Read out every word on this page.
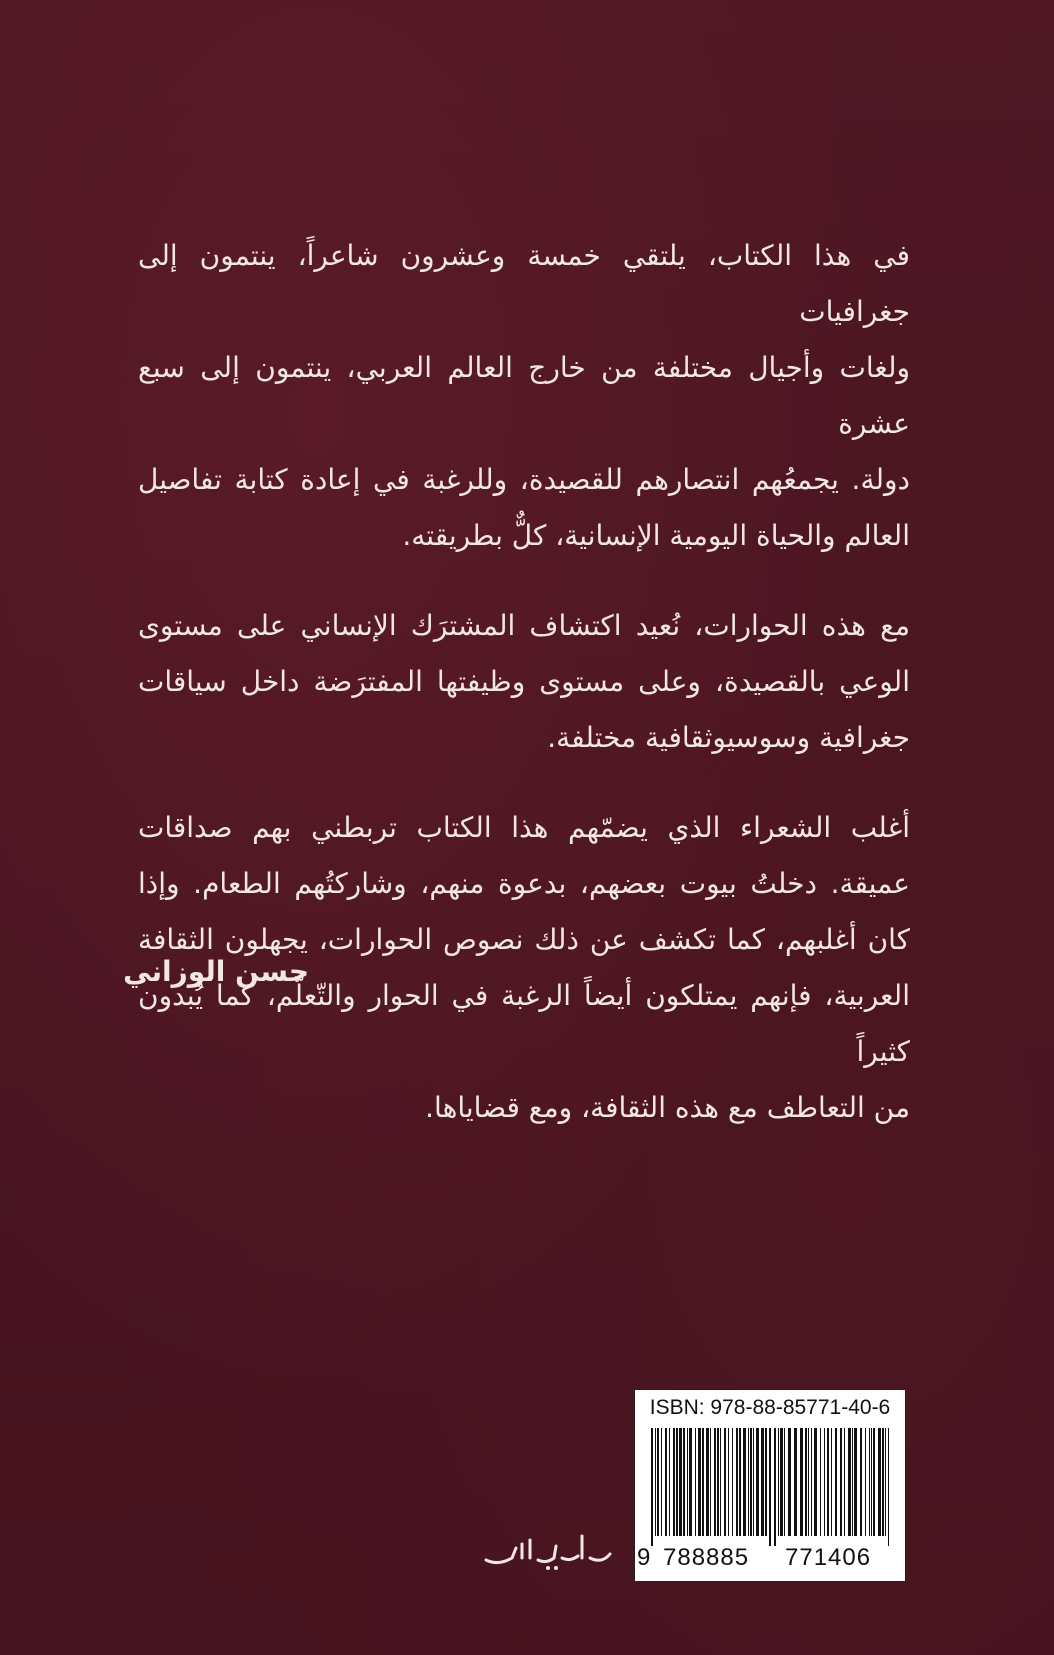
في هذا الكتاب، يلتقي خمسة وعشرون شاعراً، ينتمون إلى جغرافيات
ولغات وأجيال مختلفة من خارج العالم العربي، ينتمون إلى سبع عشرة
دولة. يجمعُهم انتصارهم للقصيدة، وللرغبة في إعادة كتابة تفاصيل
العالم والحياة اليومية الإنسانية، كلٌّ بطريقته.

مع هذه الحوارات، نُعيد اكتشاف المشترَك الإنساني على مستوى
الوعي بالقصيدة، وعلى مستوى وظيفتها المفترَضة داخل سياقات
جغرافية وسوسيوثقافية مختلفة.

أغلب الشعراء الذي يضمّهم هذا الكتاب تربطني بهم صداقات
عميقة. دخلتُ بيوت بعضهم، بدعوة منهم، وشاركتُهم الطعام. وإذا
كان أغلبهم، كما تكشف عن ذلك نصوص الحوارات، يجهلون الثقافة
العربية، فإنهم يمتلكون أيضاً الرغبة في الحوار والتّعلّم، كما يُبدون كثيراً
من التعاطف مع هذه الثقافة، ومع قضاياها.

حسن الوزاني
ISBN: 978-88-85771-40-6
9 788885 771406
